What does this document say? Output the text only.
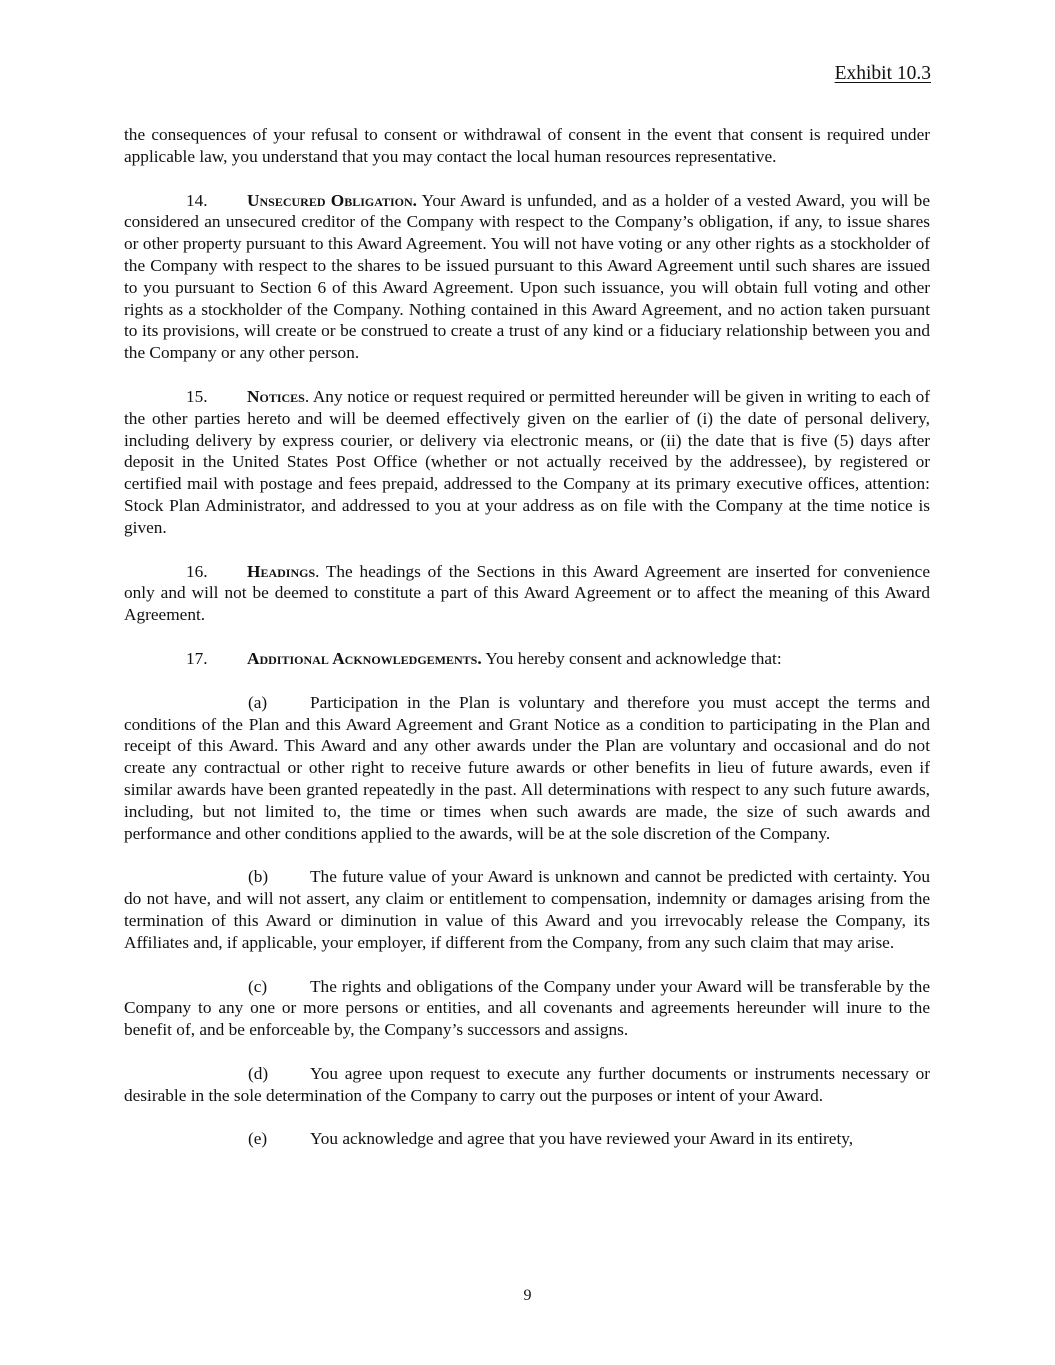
Exhibit 10.3

the consequences of your refusal to consent or withdrawal of consent in the event that consent is required under applicable law, you understand that you may contact the local human resources representative.

14. Unsecured Obligation. Your Award is unfunded, and as a holder of a vested Award, you will be considered an unsecured creditor of the Company with respect to the Company’s obligation, if any, to issue shares or other property pursuant to this Award Agreement. You will not have voting or any other rights as a stockholder of the Company with respect to the shares to be issued pursuant to this Award Agreement until such shares are issued to you pursuant to Section 6 of this Award Agreement. Upon such issuance, you will obtain full voting and other rights as a stockholder of the Company. Nothing contained in this Award Agreement, and no action taken pursuant to its provisions, will create or be construed to create a trust of any kind or a fiduciary relationship between you and the Company or any other person.

15. Notices. Any notice or request required or permitted hereunder will be given in writing to each of the other parties hereto and will be deemed effectively given on the earlier of (i) the date of personal delivery, including delivery by express courier, or delivery via electronic means, or (ii) the date that is five (5) days after deposit in the United States Post Office (whether or not actually received by the addressee), by registered or certified mail with postage and fees prepaid, addressed to the Company at its primary executive offices, attention: Stock Plan Administrator, and addressed to you at your address as on file with the Company at the time notice is given.

16. Headings. The headings of the Sections in this Award Agreement are inserted for convenience only and will not be deemed to constitute a part of this Award Agreement or to affect the meaning of this Award Agreement.

17. Additional Acknowledgements. You hereby consent and acknowledge that:

(a) Participation in the Plan is voluntary and therefore you must accept the terms and conditions of the Plan and this Award Agreement and Grant Notice as a condition to participating in the Plan and receipt of this Award. This Award and any other awards under the Plan are voluntary and occasional and do not create any contractual or other right to receive future awards or other benefits in lieu of future awards, even if similar awards have been granted repeatedly in the past. All determinations with respect to any such future awards, including, but not limited to, the time or times when such awards are made, the size of such awards and performance and other conditions applied to the awards, will be at the sole discretion of the Company.

(b) The future value of your Award is unknown and cannot be predicted with certainty. You do not have, and will not assert, any claim or entitlement to compensation, indemnity or damages arising from the termination of this Award or diminution in value of this Award and you irrevocably release the Company, its Affiliates and, if applicable, your employer, if different from the Company, from any such claim that may arise.

(c) The rights and obligations of the Company under your Award will be transferable by the Company to any one or more persons or entities, and all covenants and agreements hereunder will inure to the benefit of, and be enforceable by, the Company’s successors and assigns.

(d) You agree upon request to execute any further documents or instruments necessary or desirable in the sole determination of the Company to carry out the purposes or intent of your Award.

(e) You acknowledge and agree that you have reviewed your Award in its entirety,

9
